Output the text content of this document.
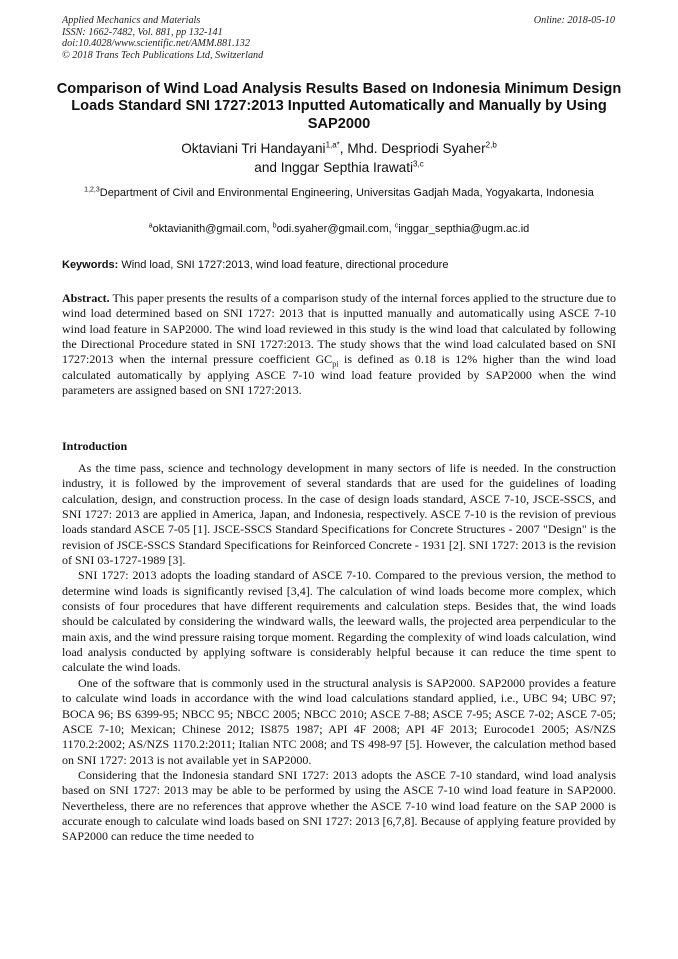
Applied Mechanics and Materials
ISSN: 1662-7482, Vol. 881, pp 132-141
doi:10.4028/www.scientific.net/AMM.881.132
© 2018 Trans Tech Publications Ltd, Switzerland
Online: 2018-05-10
Comparison of Wind Load Analysis Results Based on Indonesia Minimum Design Loads Standard SNI 1727:2013 Inputted Automatically and Manually by Using SAP2000
Oktaviani Tri Handayani$^{1,a*}$, Mhd. Despriodi Syaher$^{2,b}$
and Inggar Septhia Irawati$^{3,c}$
$^{1,2,3}$Department of Civil and Environmental Engineering, Universitas Gadjah Mada, Yogyakarta, Indonesia
$^a$oktavianith@gmail.com, $^b$odi.syaher@gmail.com, $^c$inggar_septhia@ugm.ac.id
Keywords: Wind load, SNI 1727:2013, wind load feature, directional procedure
Abstract. This paper presents the results of a comparison study of the internal forces applied to the structure due to wind load determined based on SNI 1727: 2013 that is inputted manually and automatically using ASCE 7-10 wind load feature in SAP2000. The wind load reviewed in this study is the wind load that calculated by following the Directional Procedure stated in SNI 1727:2013. The study shows that the wind load calculated based on SNI 1727:2013 when the internal pressure coefficient $GC_{pi}$ is defined as 0.18 is 12% higher than the wind load calculated automatically by applying ASCE 7-10 wind load feature provided by SAP2000 when the wind parameters are assigned based on SNI 1727:2013.
Introduction

As the time pass, science and technology development in many sectors of life is needed. In the construction industry, it is followed by the improvement of several standards that are used for the guidelines of loading calculation, design, and construction process. In the case of design loads standard, ASCE 7-10, JSCE-SSCS, and SNI 1727: 2013 are applied in America, Japan, and Indonesia, respectively. ASCE 7-10 is the revision of previous loads standard ASCE 7-05 [1]. JSCE-SSCS Standard Specifications for Concrete Structures - 2007 "Design" is the revision of JSCE-SSCS Standard Specifications for Reinforced Concrete - 1931 [2]. SNI 1727: 2013 is the revision of SNI 03-1727-1989 [3].

SNI 1727: 2013 adopts the loading standard of ASCE 7-10. Compared to the previous version, the method to determine wind loads is significantly revised [3,4]. The calculation of wind loads become more complex, which consists of four procedures that have different requirements and calculation steps. Besides that, the wind loads should be calculated by considering the windward walls, the leeward walls, the projected area perpendicular to the main axis, and the wind pressure raising torque moment. Regarding the complexity of wind loads calculation, wind load analysis conducted by applying software is considerably helpful because it can reduce the time spent to calculate the wind loads.

One of the software that is commonly used in the structural analysis is SAP2000. SAP2000 provides a feature to calculate wind loads in accordance with the wind load calculations standard applied, i.e., UBC 94; UBC 97; BOCA 96; BS 6399-95; NBCC 95; NBCC 2005; NBCC 2010; ASCE 7-88; ASCE 7-95; ASCE 7-02; ASCE 7-05; ASCE 7-10; Mexican; Chinese 2012; IS875 1987; API 4F 2008; API 4F 2013; Eurocode1 2005; AS/NZS 1170.2:2002; AS/NZS 1170.2:2011; Italian NTC 2008; and TS 498-97 [5]. However, the calculation method based on SNI 1727: 2013 is not available yet in SAP2000.

Considering that the Indonesia standard SNI 1727: 2013 adopts the ASCE 7-10 standard, wind load analysis based on SNI 1727: 2013 may be able to be performed by using the ASCE 7-10 wind load feature in SAP2000. Nevertheless, there are no references that approve whether the ASCE 7-10 wind load feature on the SAP 2000 is accurate enough to calculate wind loads based on SNI 1727: 2013 [6,7,8]. Because of applying feature provided by SAP2000 can reduce the time needed to
